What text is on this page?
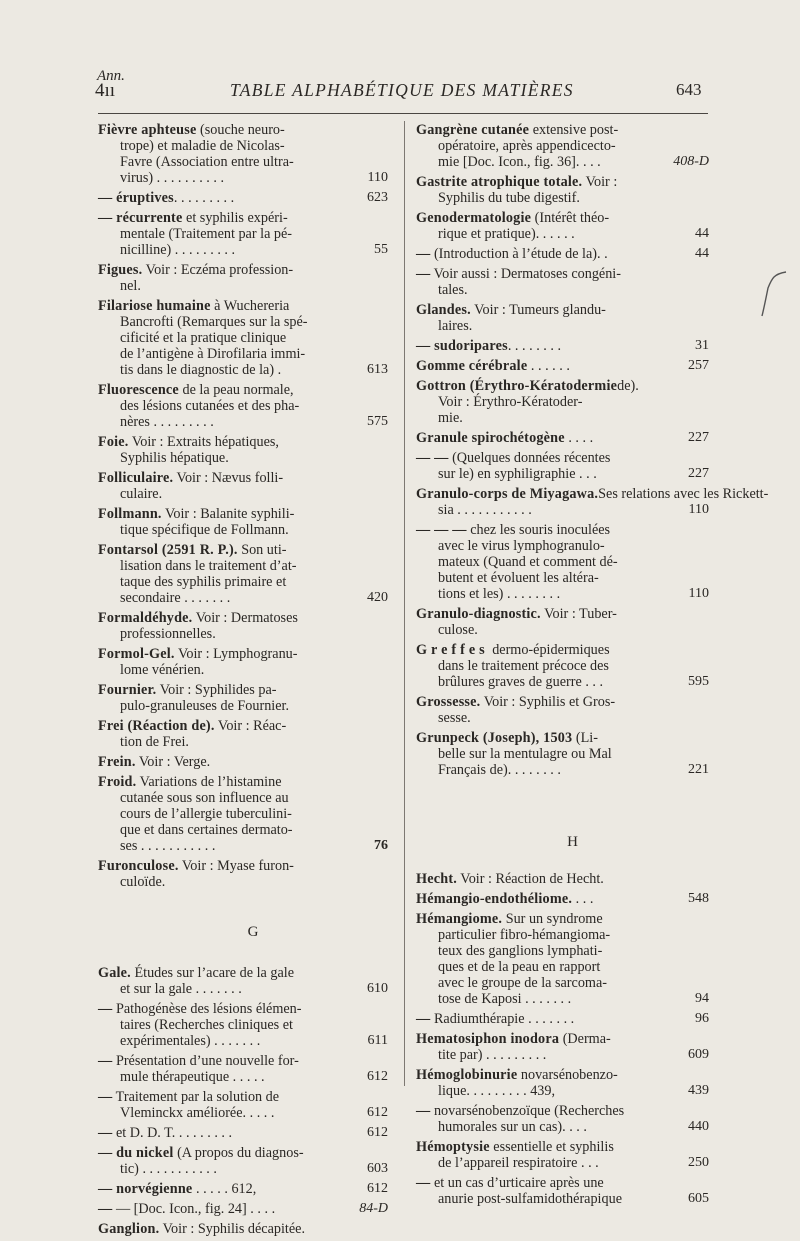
Ann.
4ıı	TABLE ALPHABÉTIQUE DES MATIÈRES	643
Fièvre aphteuse (souche neuro-
trope) et maladie de Nicolas-
Favre (Association entre ultra-
virus) . . . . . . . . . .	110
— éruptives. . . . . . . . .	623
— récurrente et syphilis expéri-
mentale (Traitement par la pé-
nicilline) . . . . . . . . .	55
Figues. Voir : Eczéma profession-
nel.
Filariose humaine à Wuchereria
Bancrofti (Remarques sur la spé-
cificité et la pratique clinique
de l’antigène à Dirofilaria immi-
tis dans le diagnostic de la) .	613
Fluorescence de la peau normale,
des lésions cutanées et des pha-
nères . . . . . . . . .	575
Foie. Voir : Extraits hépatiques,
Syphilis hépatique.
Folliculaire. Voir : Nævus folli-
culaire.
Follmann. Voir : Balanite syphili-
tique spécifique de Follmann.
Fontarsol (2591 R. P.). Son uti-
lisation dans le traitement d’at-
taque des syphilis primaire et
secondaire . . . . . . .	420
Formaldéhyde. Voir : Dermatoses
professionnelles.
Formol-Gel. Voir : Lymphogranu-
lome vénérien.
Fournier. Voir : Syphilides pa-
pulo-granuleuses de Fournier.
Frei (Réaction de). Voir : Réac-
tion de Frei.
Frein. Voir : Verge.
Froid. Variations de l’histamine
cutanée sous son influence au
cours de l’allergie tuberculini-
que et dans certaines dermato-
ses . . . . . . . . . . .	76
Furonculose. Voir : Myase furon-
culoïde.
G
Gale. Études sur l’acare de la gale
et sur la gale . . . . . . .	610
— Pathogénèse des lésions élémen-
taires (Recherches cliniques et
expérimentales) . . . . . . .	611
— Présentation d’une nouvelle for-
mule thérapeutique . . . . .	612
— Traitement par la solution de
Vleminckx améliorée. . . . .	612
— et D. D. T. . . . . . . . .	612
— du nickel (A propos du diagnos-
tic) . . . . . . . . . . .	603
— norvégienne . . . . . 612,	612
— — [Doc. Icon., fig. 24] . . . .	84-D
Ganglion. Voir : Syphilis décapitée.
Gangrène cutanée extensive post-
opératoire, après appendicecto-
mie [Doc. Icon., fig. 36]. . . .	408-D
Gastrite atrophique totale. Voir :
Syphilis du tube digestif.
Genodermatologie (Intérêt théo-
rique et pratique). . . . . .	44
— (Introduction à l’étude de la). .	44
— Voir aussi : Dermatoses congéni-
tales.
Glandes. Voir : Tumeurs glandu-
laires.
— sudoripares. . . . . . . .	31
Gomme cérébrale . . . . . .	257
Gottron (Érythro-Kératodermiede).
Voir : Érythro-Kératoder-
mie.
Granule spirochétogène . . . .	227
— — (Quelques données récentes
sur le) en syphiligraphie . . .	227
Granulo-corps de Miyagawa.Ses relations avec les Rickett-
sia . . . . . . . . . . .	110
— — — chez les souris inoculées
avec le virus lymphogranulo-
mateux (Quand et comment dé-
butent et évoluent les altéra-
tions et les) . . . . . . . .	110
Granulo-diagnostic. Voir : Tuber-
culose.
Greffes dermo-épidermiques
dans le traitement précoce des
brûlures graves de guerre . . .	595
Grossesse. Voir : Syphilis et Gros-
sesse.
Grunpeck (Joseph), 1503 (Li-
belle sur la mentulagre ou Mal
Français de). . . . . . . .	221
H
Hecht. Voir : Réaction de Hecht.
Hémangio-endothéliome. . . .	548
Hémangiome. Sur un syndrome
particulier fibro-hémangioma-
teux des ganglions lymphati-
ques et de la peau en rapport
avec le groupe de la sarcoma-
tose de Kaposi . . . . . . .	94
— Radiumthérapie . . . . . . .	96
Hematosiphon inodora (Derma-
tite par) . . . . . . . . .	609
Hémoglobinurie novarsénobenzo-
lique. . . . . . . . . 439,	439
— novarsénobenzoïque (Recherches
humorales sur un cas). . . .	440
Hémoptysie essentielle et syphilis
de l’appareil respiratoire . . .	250
— et un cas d’urticaire après une
anurie post-sulfamidothérapique	605
